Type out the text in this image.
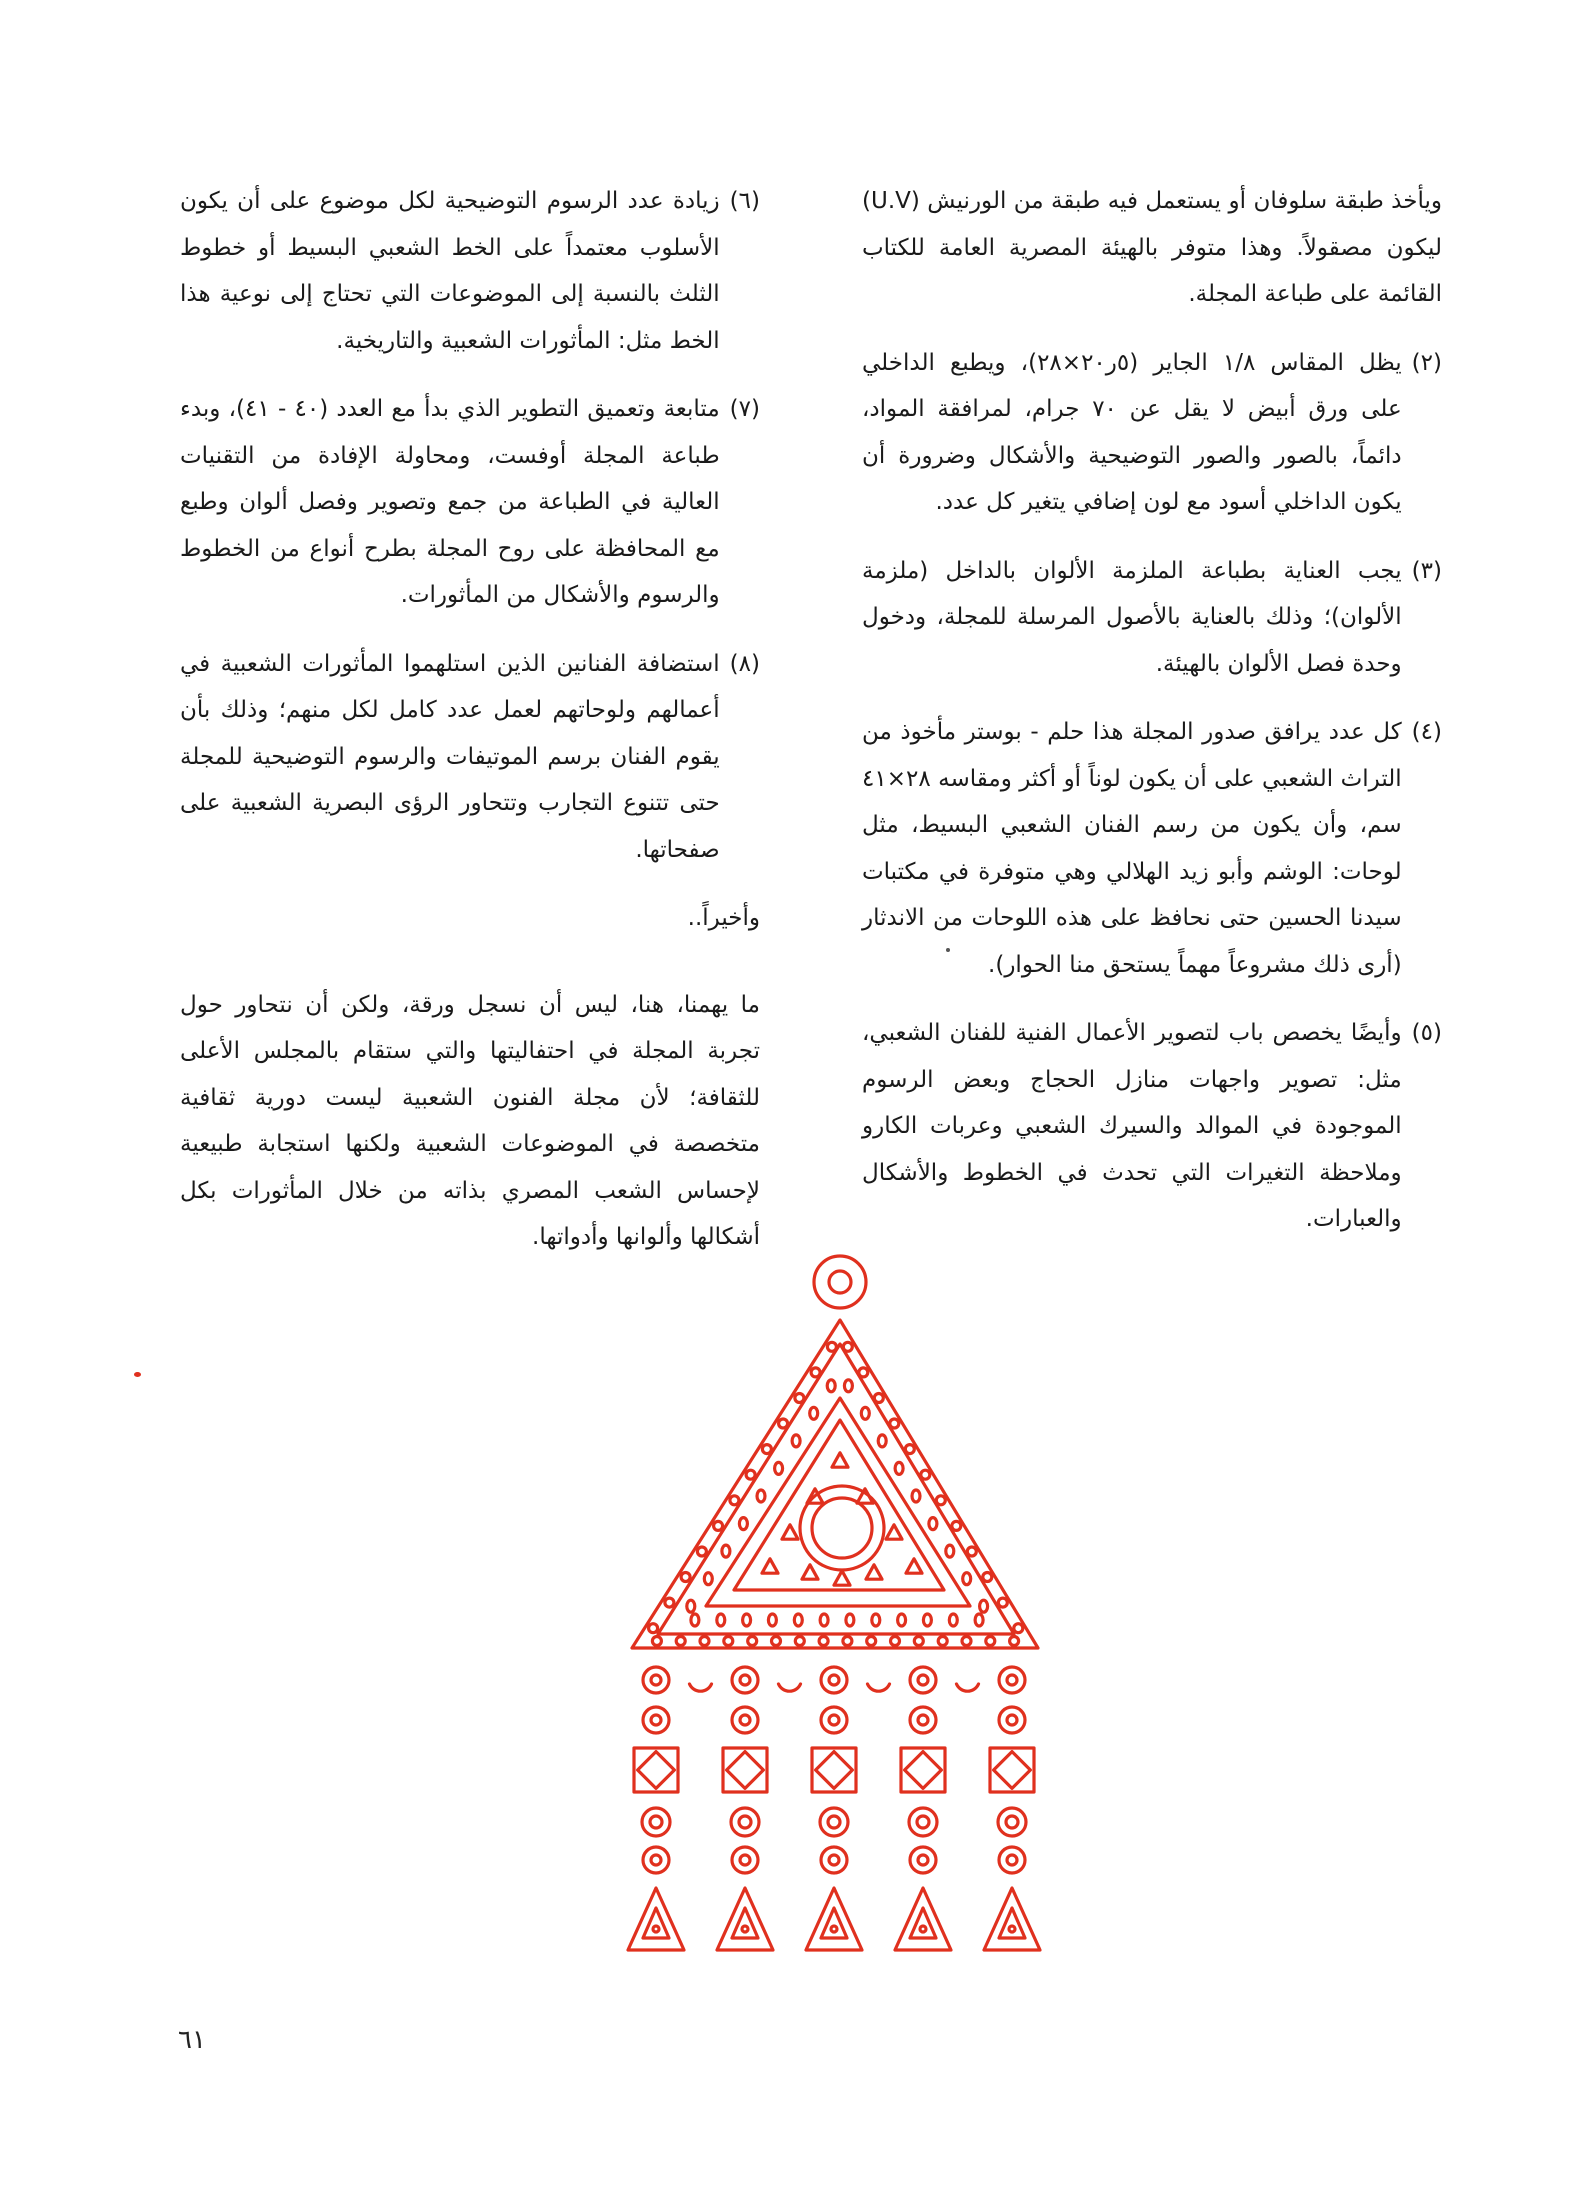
ويأخذ طبقة سلوفان أو يستعمل فيه طبقة من الورنيش (U.V) ليكون مصقولاً. وهذا متوفر بالهيئة المصرية العامة للكتاب القائمة على طباعة المجلة.

(٢)
يظل المقاس ١/٨ الجاير (٥ر٢٠×٢٨)، ويطبع الداخلي على ورق أبيض لا يقل عن ٧٠ جرام، لمرافقة المواد، دائماً، بالصور والصور التوضيحية والأشكال وضرورة أن يكون الداخلي أسود مع لون إضافي يتغير كل عدد.

(٣)
يجب العناية بطباعة الملزمة الألوان بالداخل (ملزمة الألوان)؛ وذلك بالعناية بالأصول المرسلة للمجلة، ودخول وحدة فصل الألوان بالهيئة.

(٤)
كل عدد يرافق صدور المجلة هذا حلم - بوستر مأخوذ من التراث الشعبي على أن يكون لوناً أو أكثر ومقاسه ٢٨×٤١ سم، وأن يكون من رسم الفنان الشعبي البسيط، مثل لوحات: الوشم وأبو زيد الهلالي وهي متوفرة في مكتبات سيدنا الحسين حتى نحافظ على هذه اللوحات من الاندثار (أرى ذلك مشروعاً مهماً يستحق منا الحوار).

(٥)
وأيضًا يخصص باب لتصوير الأعمال الفنية للفنان الشعبي، مثل: تصوير واجهات منازل الحجاج وبعض الرسوم الموجودة في الموالد والسيرك الشعبي وعربات الكارو وملاحظة التغيرات التي تحدث في الخطوط والأشكال والعبارات.

(٦)
زيادة عدد الرسوم التوضيحية لكل موضوع على أن يكون الأسلوب معتمداً على الخط الشعبي البسيط أو خطوط الثلث بالنسبة إلى الموضوعات التي تحتاج إلى نوعية هذا الخط مثل: المأثورات الشعبية والتاريخية.

(٧)
متابعة وتعميق التطوير الذي بدأ مع العدد (٤٠ - ٤١)، وبدء طباعة المجلة أوفست، ومحاولة الإفادة من التقنيات العالية في الطباعة من جمع وتصوير وفصل ألوان وطبع مع المحافظة على روح المجلة بطرح أنواع من الخطوط والرسوم والأشكال من المأثورات.

(٨)
استضافة الفنانين الذين استلهموا المأثورات الشعبية في أعمالهم ولوحاتهم لعمل عدد كامل لكل منهم؛ وذلك بأن يقوم الفنان برسم الموتيفات والرسوم التوضيحية للمجلة حتى تتنوع التجارب وتتحاور الرؤى البصرية الشعبية على صفحاتها.

وأخيراً..

ما يهمنا، هنا، ليس أن نسجل ورقة، ولكن أن نتحاور حول تجربة المجلة في احتفاليتها والتي ستقام بالمجلس الأعلى للثقافة؛ لأن مجلة الفنون الشعبية ليست دورية ثقافية متخصصة في الموضوعات الشعبية ولكنها استجابة طبيعية لإحساس الشعب المصري بذاته من خلال المأثورات بكل أشكالها وألوانها وأدواتها.

٦١
